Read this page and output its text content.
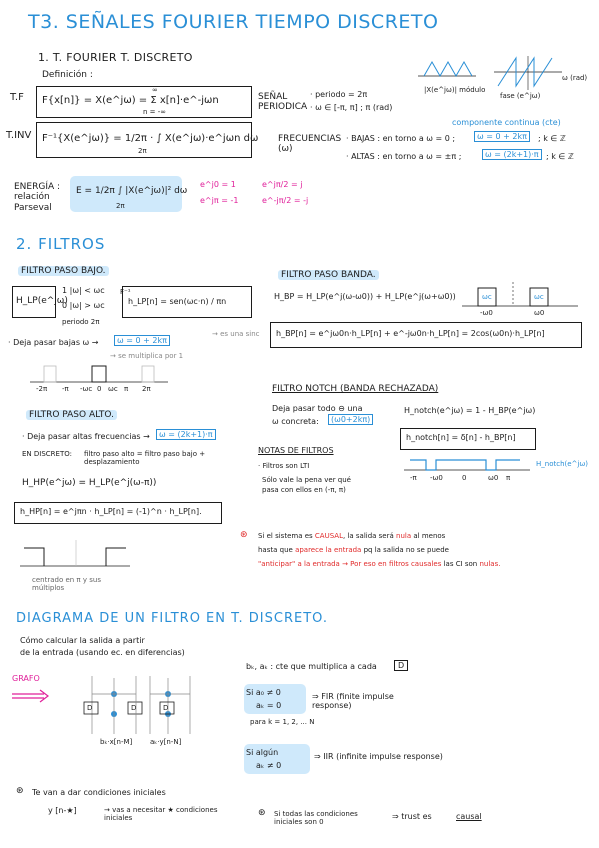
T3. SEÑALES FOURIER TIEMPO DISCRETO
1. T. FOURIER T. DISCRETO
Definición :
T.F F{x[n]} = X(e^jω) = Σ x[n]·e^-jωn
∞
n = -∞
T.INV F⁻¹{X(e^jω)} = 1/2π · ∫ X(e^jω)·e^jωn dω
2π
SEÑAL PERIODICA
· periodo = 2π
· ω ∈ [-π, π] ; π (rad)
|X(e^jω)| módulo
fase (e^jω)
ω (rad)
FRECUENCIAS (ω)
componente continua (cte)
· BAJAS : en torno a ω = 0 ;	ω = 0 + 2kπ	; k ∈ ℤ
· ALTAS : en torno a ω = ±π ;	ω = (2k+1)·π ; k ∈ ℤ
ENERGÍA : relación Parseval
E = 1/2π ∫ |X(e^jω)|² dω
2π
e^j0 = 1
e^jπ = -1
e^jπ/2 = j
e^-jπ/2 = -j
2. FILTROS
FILTRO PASO BAJO.
H_LP(e^jω)
1 |ω| < ωc
0 |ω| > ωc
periodo 2π
F⁻¹
h_LP[n] = sen(ωc·n) / πn
→ es una sinc
· Deja pasar bajas ω →	ω = 0 + 2kπ
→ se multiplica por 1
-2π -π -ωc 0 ωc π 2π
FILTRO PASO BANDA.
H_BP = H_LP(e^j(ω-ω0)) + H_LP(e^j(ω+ω0))	ωc	ωc
-ω0	ω0
h_BP[n] = e^jω0n·h_LP[n] + e^-jω0n·h_LP[n] = 2cos(ω0n)·h_LP[n]
FILTRO NOTCH (BANDA RECHAZADA)
Deja pasar todo ⊖ una
ω concreta:	(ω0+2kπ)
H_notch(e^jω) = 1 - H_BP(e^jω)
h_notch[n] = δ[n] - h_BP[n]
H_notch(e^jω)
-π -ω0	0	ω0 π
NOTAS DE FILTROS
· Filtros son LTI
Sólo vale la pena ver qué
pasa con ellos en (-π, π)
FILTRO PASO ALTO.
· Deja pasar altas frecuencias →	ω = (2k+1)·π
EN DISCRETO: filtro paso alto = filtro paso bajo + desplazamiento
H_HP(e^jω) = H_LP(e^j(ω-π))
h_HP[n] = e^jπn · h_LP[n] = (-1)^n · h_LP[n].
centrado en π y sus múltiplos
⊛ Si el sistema es CAUSAL, la salida será nula al menos
hasta que aparece la entrada pq la salida no se puede
"anticipar" a la entrada → Por eso en filtros causales las CI son nulas.
DIAGRAMA DE UN FILTRO EN T. DISCRETO.
Cómo calcular la salida a partir
de la entrada (usando ec. en diferencias)
GRAFO
D	D	D
bₖ·x[n-M]	aₖ·y[n-N]
bₖ, aₖ : cte que multiplica a cada	D
Si a₀ ≠ 0
aₖ = 0
⇒ FIR (finite impulse response)
para k = 1, 2, ... N
Si algún
aₖ ≠ 0
⇒ IIR (infinite impulse response)
⊛ Te van a dar condiciones iniciales
y [n-★]	→ vas a necesitar ★ condiciones iniciales
⊛ Si todas las condiciones iniciales son 0
⇒ trust es	causal
